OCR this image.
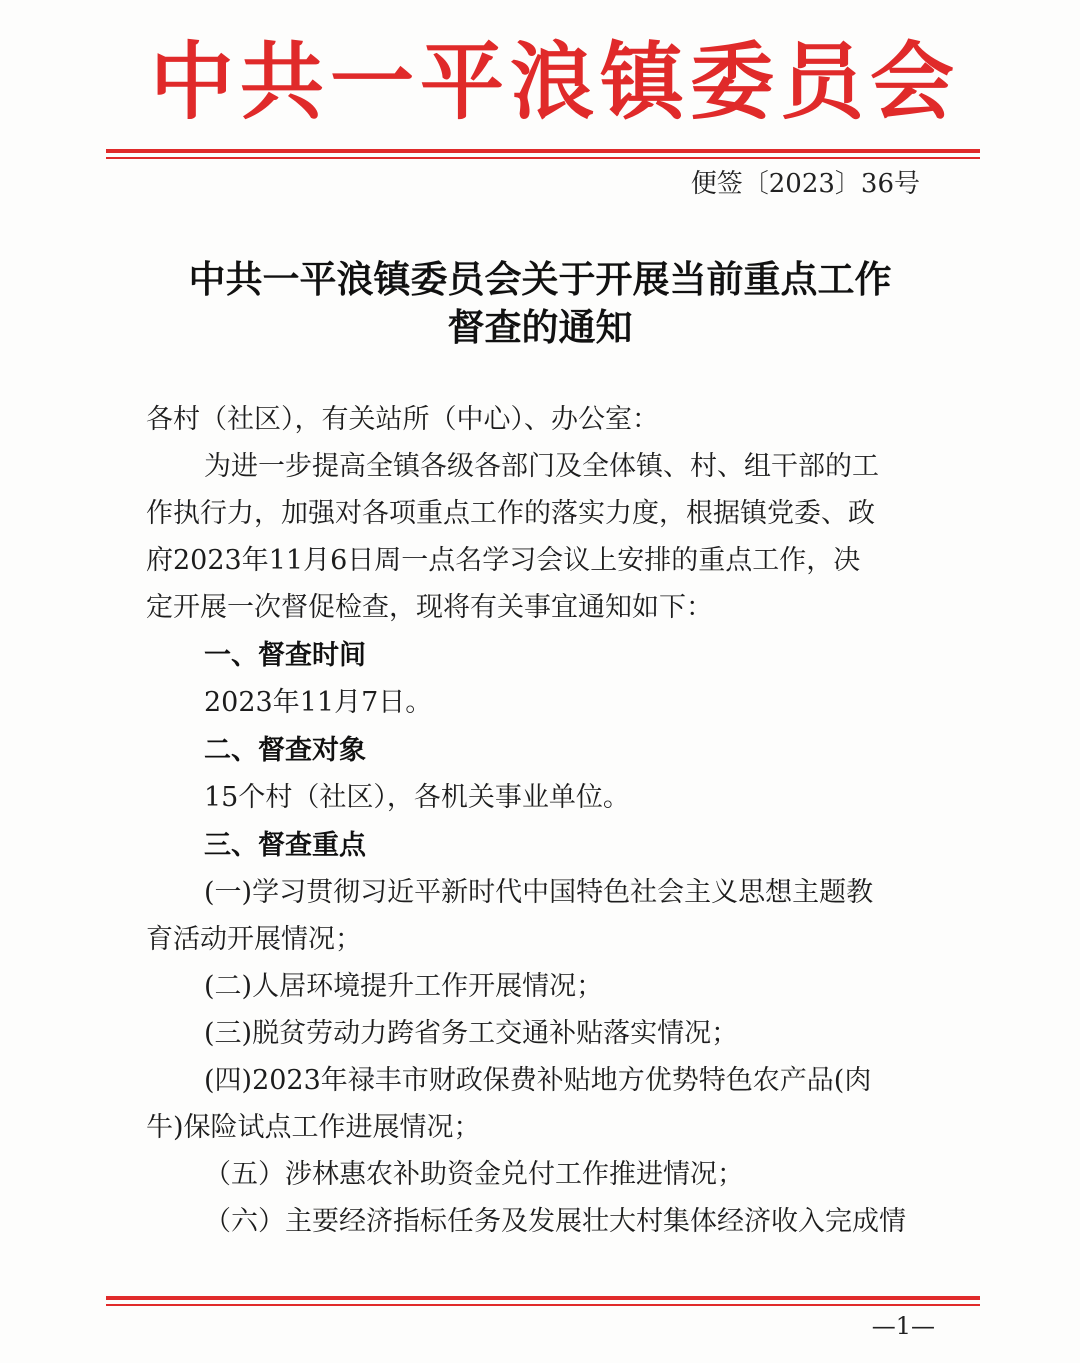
中共一平浪镇委员会
便签〔2023〕36号
中共一平浪镇委员会关于开展当前重点工作
督查的通知
各村（社区），有关站所（中心）、办公室：
为进一步提高全镇各级各部门及全体镇、村、组干部的工
作执行力，加强对各项重点工作的落实力度，根据镇党委、政
府2023年11月6日周一点名学习会议上安排的重点工作，决
定开展一次督促检查，现将有关事宜通知如下：
一、督查时间
2023年11月7日。
二、督查对象
15个村（社区），各机关事业单位。
三、督查重点
(一)学习贯彻习近平新时代中国特色社会主义思想主题教
育活动开展情况；
(二)人居环境提升工作开展情况；
(三)脱贫劳动力跨省务工交通补贴落实情况；
(四)2023年禄丰市财政保费补贴地方优势特色农产品(肉
牛)保险试点工作进展情况；
（五）涉林惠农补助资金兑付工作推进情况；
（六）主要经济指标任务及发展壮大村集体经济收入完成情
—1—
